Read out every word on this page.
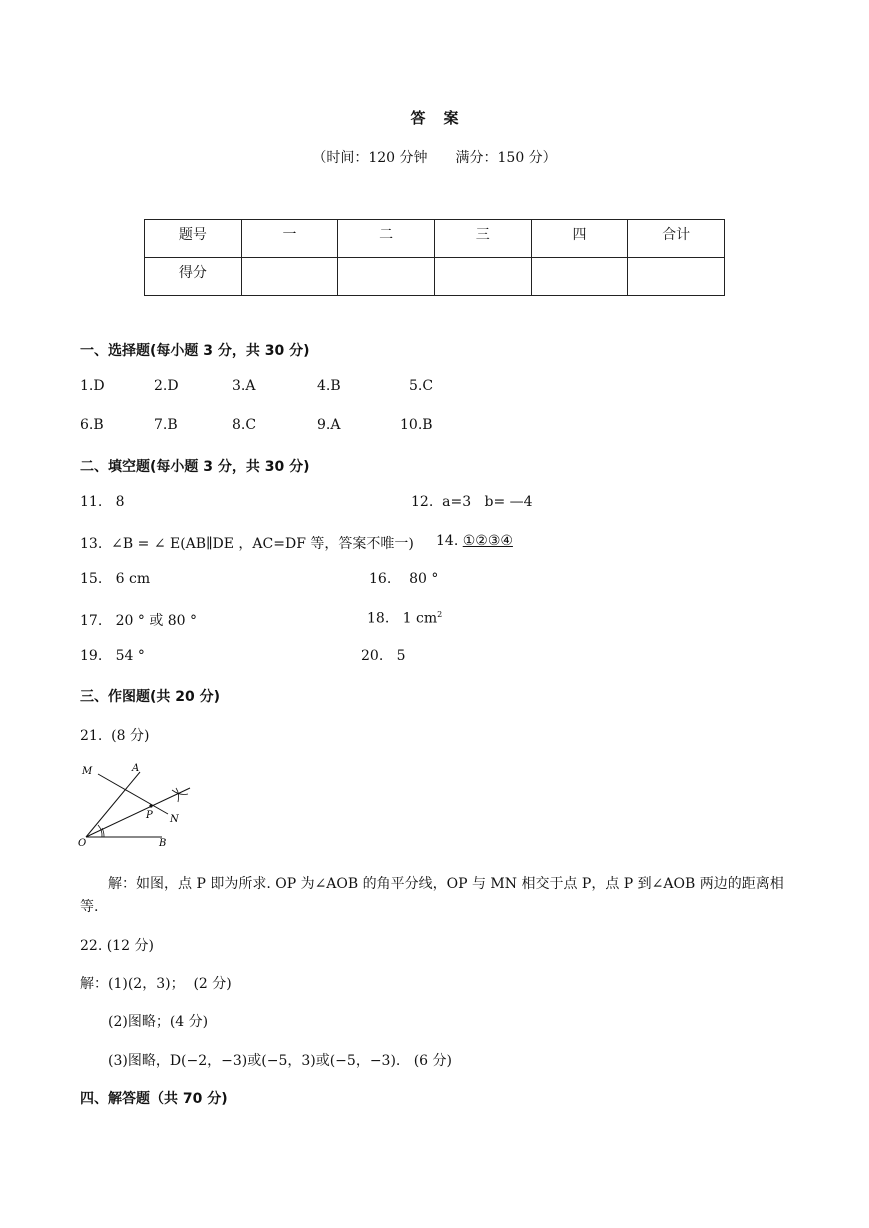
答案
（时间：120 分钟 满分：150 分）
题号	一	二	三	四	合计
得分					
一、选择题(每小题 3 分，共 30 分)
1.D	2.D	3.A	4.B	5.C
6.B	7.B	8.C	9.A	10.B
二、填空题(每小题 3 分，共 30 分)
11.   8	12.  a=3   b= —4
13.  ∠B = ∠ E(AB∥DE ，AC=DF 等，答案不唯一) 14. ①②③④
15.   6 cm	16.    80 °
17.   20 ° 或 80 °	18.   1 $cm^2$
19.   54 °	20.   5
三、作图题(共 20 分)
21.  (8 分)
M	A
P N
O	B
解：如图，点 P 即为所求. OP 为∠AOB 的角平分线，OP 与 MN 相交于点 P，点 P 到∠AOB 两边的距离相
等.
22. (12 分)
解：(1)(2，3)；  (2 分)
(2)图略；(4 分)
(3)图略，D(−2，−3)或(−5，3)或(−5，−3).   (6 分)
四、解答题（共 70 分)
